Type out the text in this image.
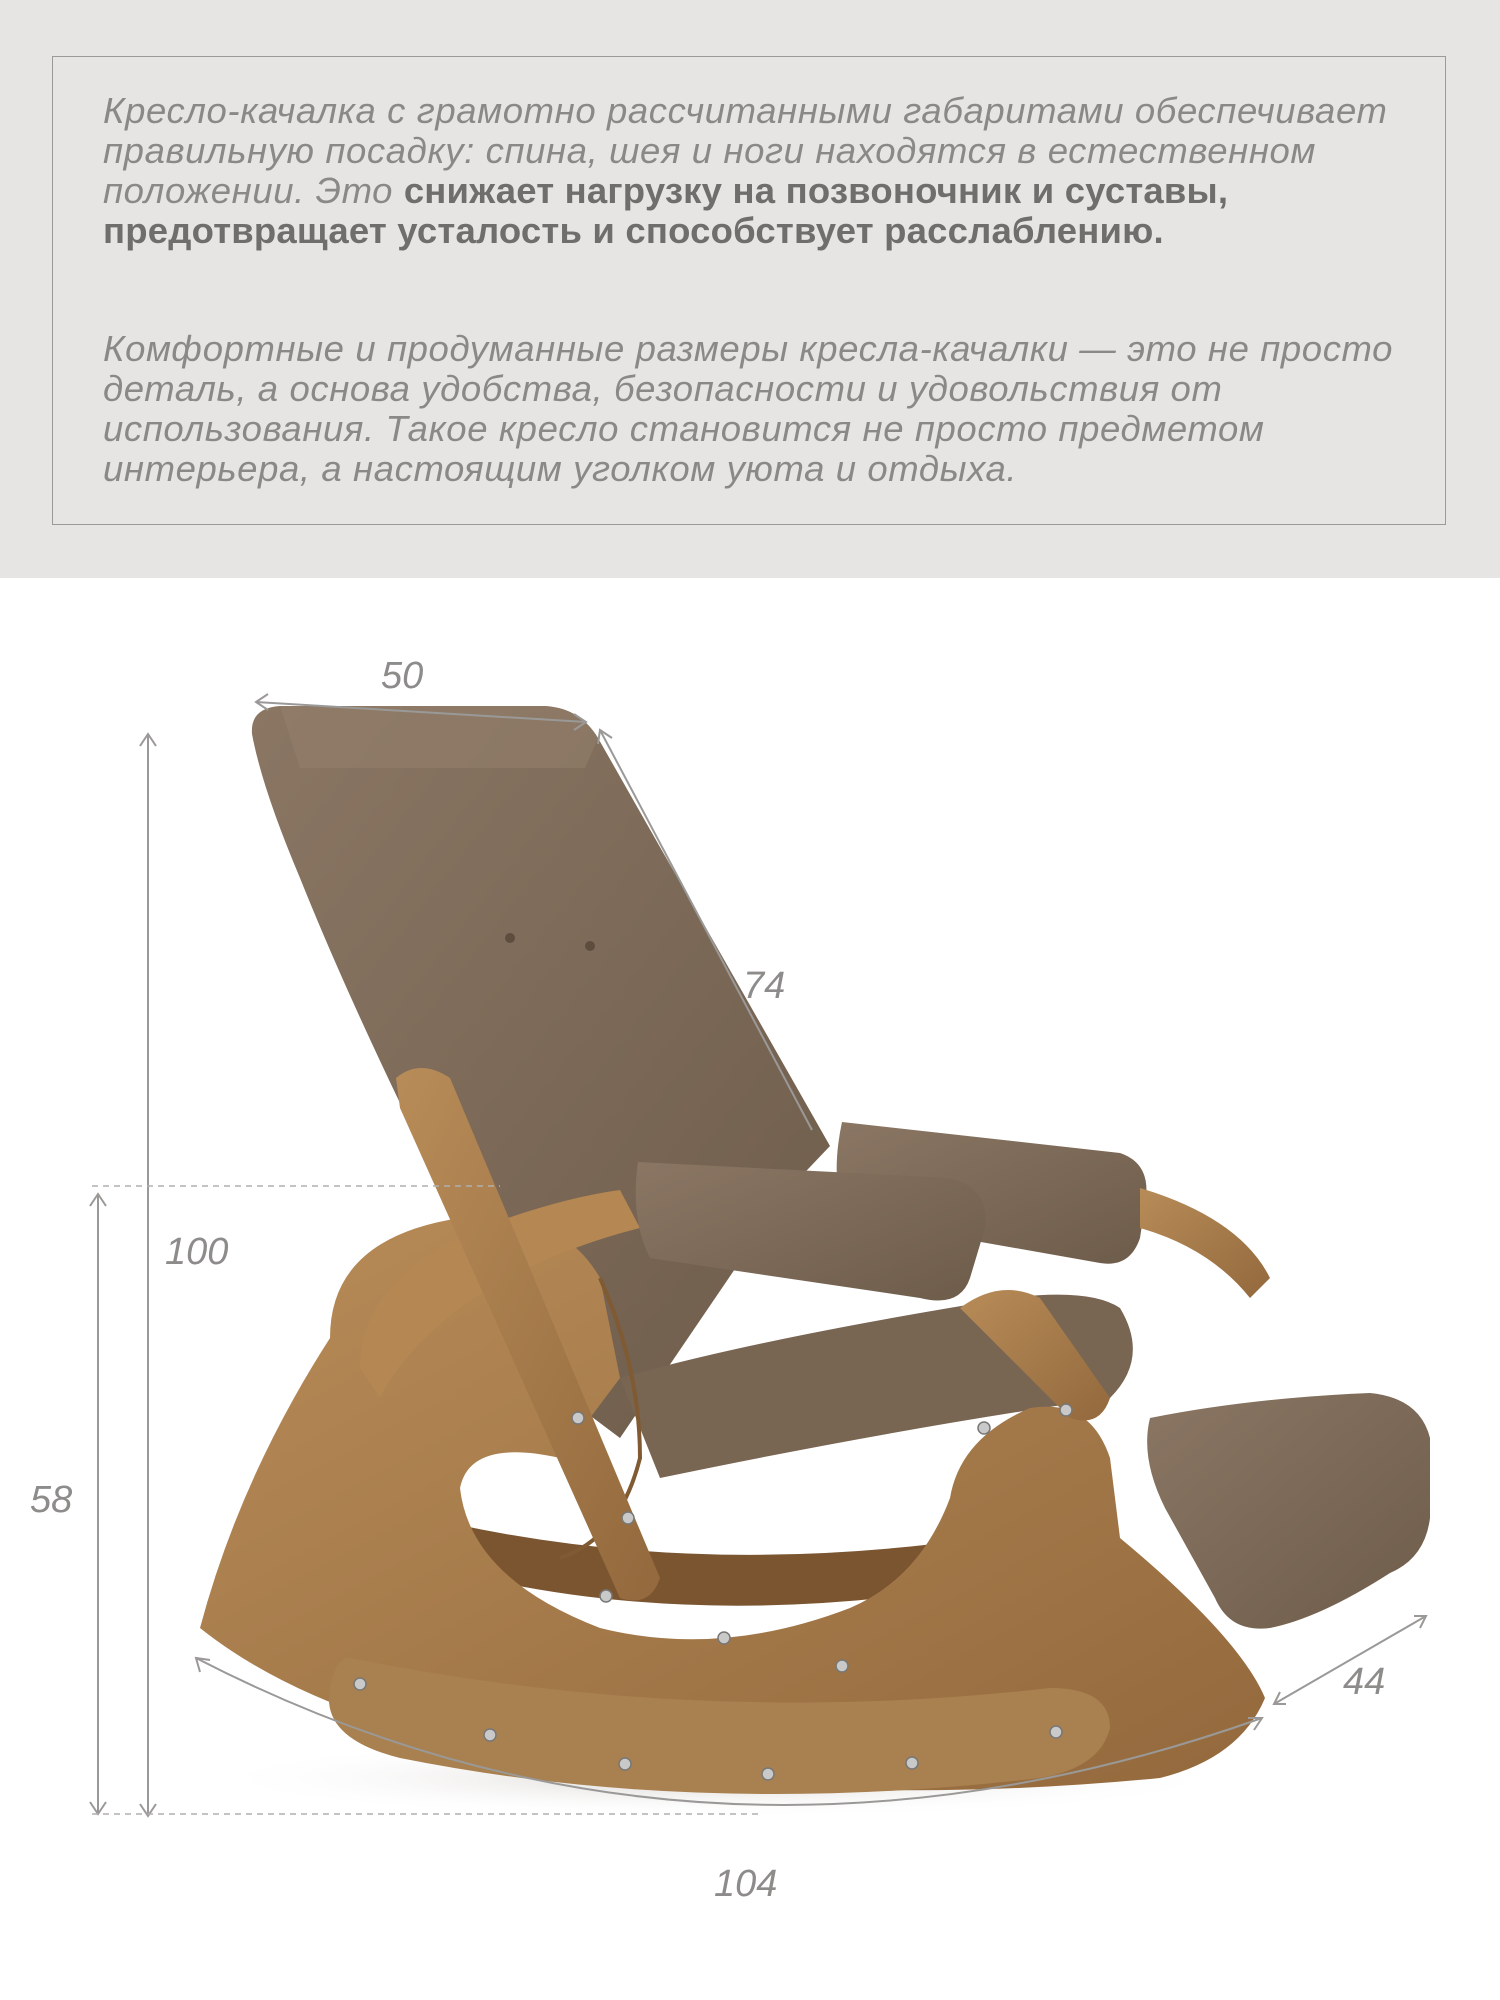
Кресло-качалка с грамотно рассчитанными габаритами обеспечивает правильную посадку: спина, шея и ноги находятся в естественном положении. Это снижает нагрузку на позвоночник и суставы, предотвращает усталость и способствует расслаблению.
Комфортные и продуманные размеры кресла-качалки — это не просто деталь, а основа удобства, безопасности и удовольствия от использования. Такое кресло становится не просто предметом интерьера, а настоящим уголком уюта и отдыха.
50
74
100
58
44
104
